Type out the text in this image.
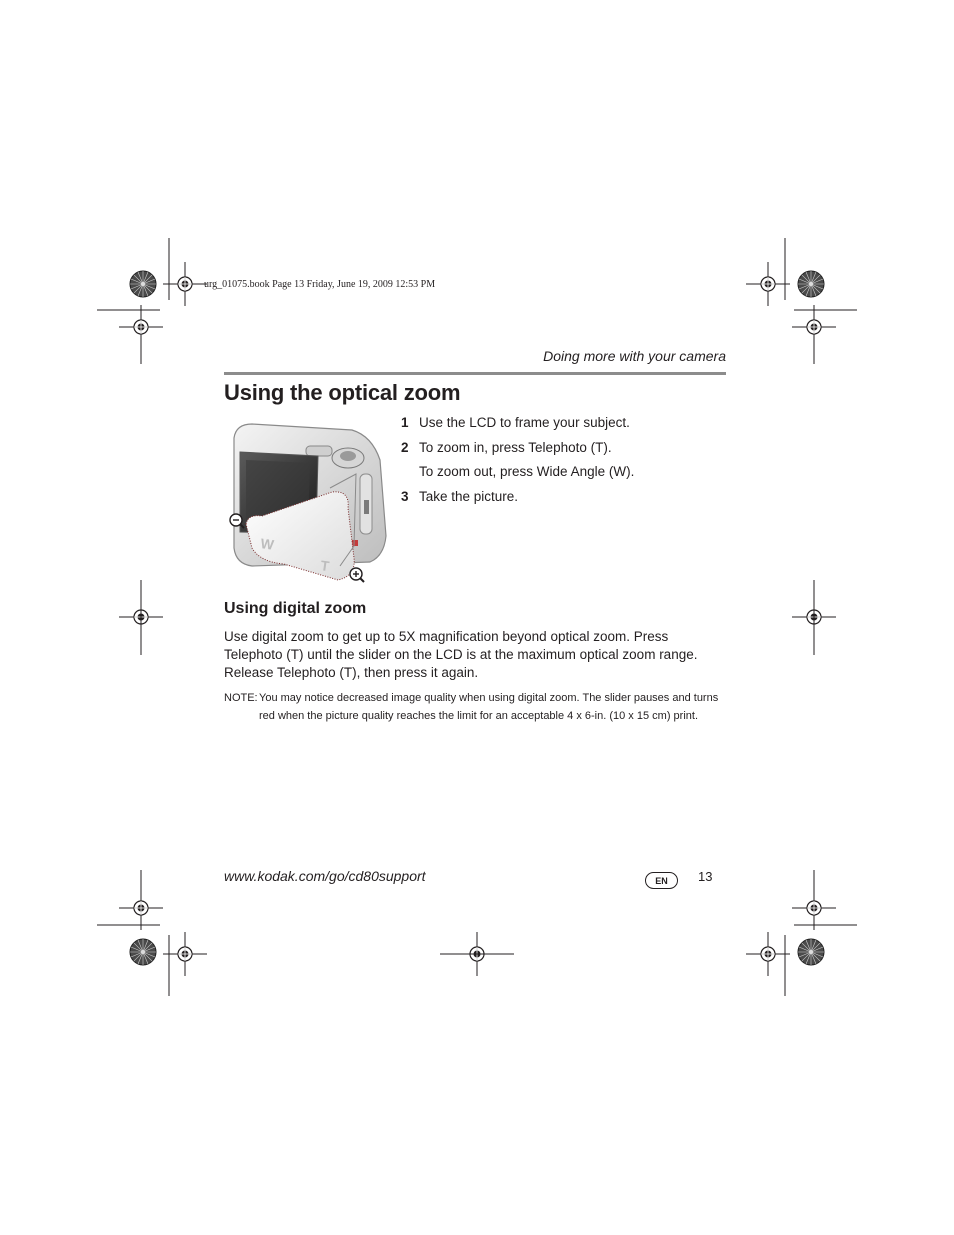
urg_01075.book Page 13 Friday, June 19, 2009 12:53 PM
Doing more with your camera
Using the optical zoom
W
T
1 Use the LCD to frame your subject.
2 To zoom in, press Telephoto (T).
To zoom out, press Wide Angle (W).
3 Take the picture.
Using digital zoom

Use digital zoom to get up to 5X magnification beyond optical zoom. Press Telephoto (T) until the slider on the LCD is at the maximum optical zoom range. Release Telephoto (T), then press it again.

NOTE: You may notice decreased image quality when using digital zoom. The slider pauses and turns red when the picture quality reaches the limit for an acceptable 4 x 6-in. (10 x 15 cm) print.
www.kodak.com/go/cd80support	EN	13
